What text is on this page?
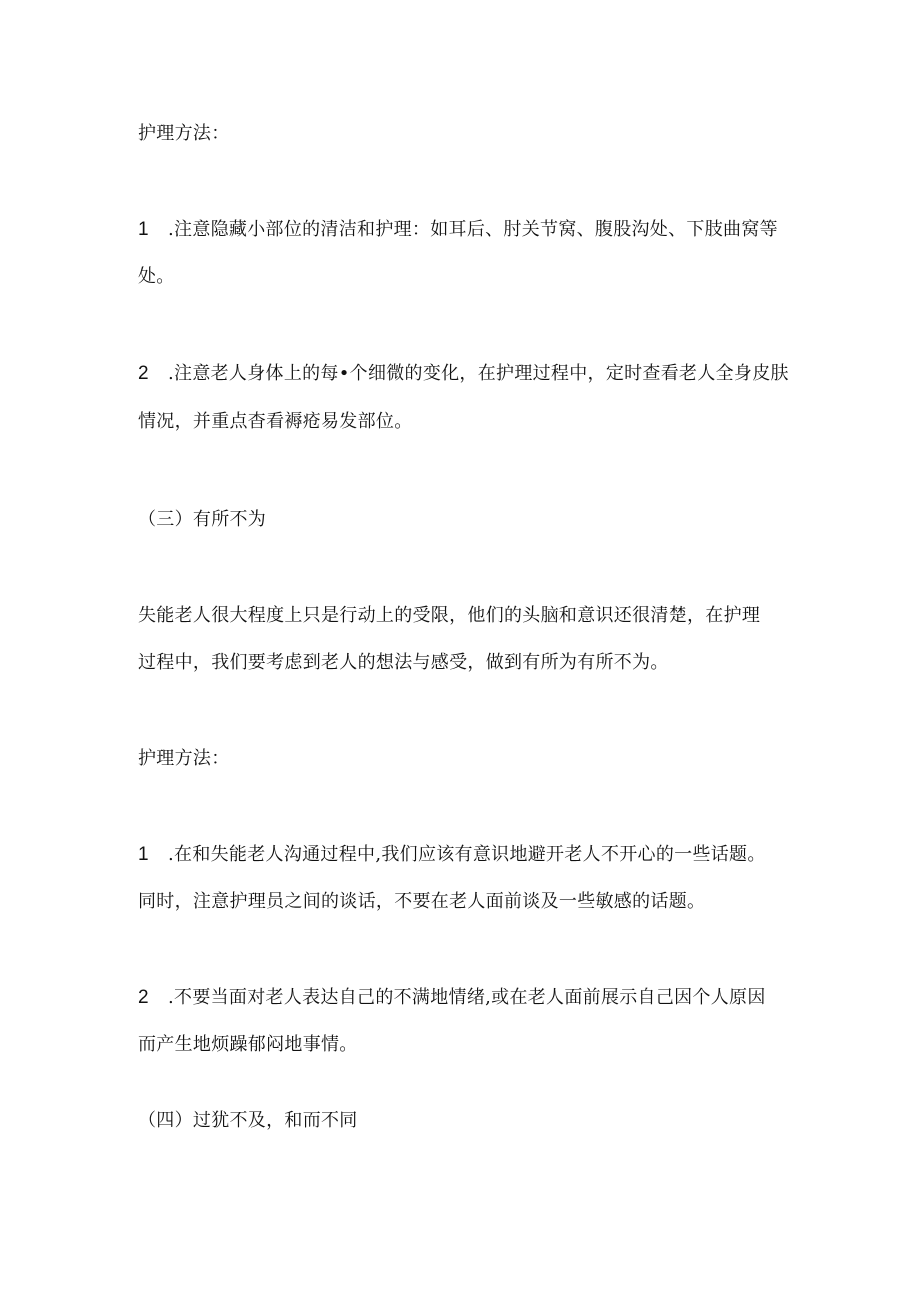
护理方法：
1 .注意隐藏小部位的清洁和护理：如耳后、肘关节窝、腹股沟处、下肢曲窝等
处。
2 .注意老人身体上的每•个细微的变化，在护理过程中，定时查看老人全身皮肤
情况，并重点杳看褥疮易发部位。
（三）有所不为
失能老人很大程度上只是行动上的受限，他们的头脑和意识还很清楚，在护理
过程中，我们要考虑到老人的想法与感受，做到有所为有所不为。
护理方法：
1 .在和失能老人沟通过程中,我们应该有意识地避开老人不开心的一些话题。
同时，注意护理员之间的谈话，不要在老人面前谈及一些敏感的话题。
2 .不要当面对老人表达自己的不满地情绪,或在老人面前展示自己因个人原因
而产生地烦躁郁闷地事情。
（四）过犹不及，和而不同
